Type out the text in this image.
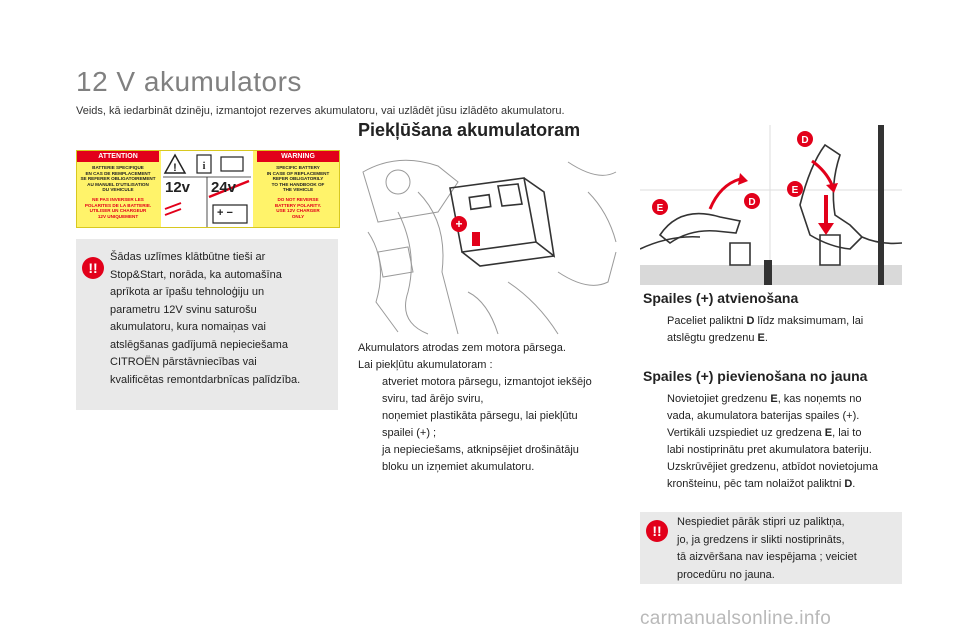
12 V akumulators
Veids, kā iedarbināt dzinēju, izmantojot rezerves akumulatoru, vai uzlādēt jūsu izlādēto akumulatoru.
Piekļūšana akumulatoram
ATTENTION	WARNING
BATTERIE SPECIFIQUE
EN CAS DE REMPLACEMENT
SE REFERER OBLIGATOIREMENT
AU MANUEL D'UTILISATION
DU VEHICULE
NE PAS INVERSER LES
POLARITES DE LA BATTERIE.
UTILISER UN CHARGEUR
12V UNIQUEMENT
!	i
12v 24v
+ −
SPECIFIC BATTERY
IN CASE OF REPLACEMENT
REFER OBLIGATORILY
TO THE HANDBOOK OF
THE VEHICLE
DO NOT REVERSE
BATTERY POLARITY.
USE 12V CHARGER
ONLY
!!
Šādas uzlīmes klātbūtne tieši ar
Stop&Start, norāda, ka automašīna
aprīkota ar īpašu tehnoloģiju un
parametru 12V svinu saturošu
akumulatoru, kura nomaiņas vai
atslēgšanas gadījumā nepieciešama
CITROËN pārstāvniecības vai
kvalificētas remontdarbnīcas palīdzība.
+
Akumulators atrodas zem motora pārsega.
Lai piekļūtu akumulatoram :
atveriet motora pārsegu, izmantojot iekšējo
sviru, tad ārējo sviru,
noņemiet plastikāta pārsegu, lai piekļūtu
spailei (+) ;
ja nepieciešams, atknipsējiet drošinātāju
bloku un izņemiet akumulatoru.
E
D
D
E
Spailes (+) atvienošana
Paceliet paliktni D līdz maksimumam, lai
atslēgtu gredzenu E.
Spailes (+) pievienošana no jauna
Novietojiet gredzenu E, kas noņemts no
vada, akumulatora baterijas spailes (+).
Vertikāli uzspiediet uz gredzena E, lai to
labi nostiprinātu pret akumulatora bateriju.
Uzskrūvējiet gredzenu, atbīdot novietojuma
kronšteinu, pēc tam nolaižot paliktni D.
!!
Nespiediet pārāk stipri uz paliktņa,
jo, ja gredzens ir slikti nostiprināts,
tā aizvēršana nav iespējama ; veiciet
procedūru no jauna.
carmanualsonline.info
